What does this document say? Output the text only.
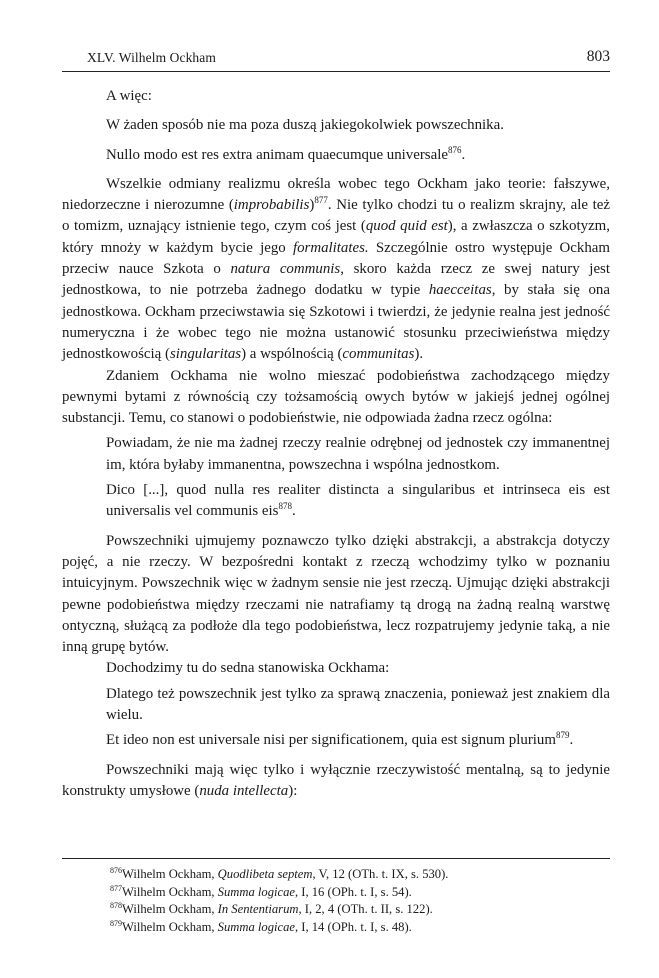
XLV. Wilhelm Ockham	803

A więc:

W żaden sposób nie ma poza duszą jakiegokolwiek powszechnika.

Nullo modo est res extra animam quaecumque universale$^{876}$.

Wszelkie odmiany realizmu określa wobec tego Ockham jako teorie: fałszywe, niedorzeczne i nierozumne (improbabilis)$^{877}$. Nie tylko chodzi tu o realizm skrajny, ale też o tomizm, uznający istnienie tego, czym coś jest (quod quid est), a zwłaszcza o szkotyzm, który mnoży w każdym bycie jego formalitates. Szczególnie ostro występuje Ockham przeciw nauce Szkota o natura communis, skoro każda rzecz ze swej natury jest jednostkowa, to nie potrzeba żadnego dodatku w typie haecceitas, by stała się ona jednostkowa. Ockham przeciwstawia się Szkotowi i twierdzi, że jedynie realna jest jedność numeryczna i że wobec tego nie można ustanowić stosunku przeciwieństwa między jednostkowością (singularitas) a wspólnością (communitas).

Zdaniem Ockhama nie wolno mieszać podobieństwa zachodzącego między pewnymi bytami z równością czy tożsamością owych bytów w jakiejś jednej ogólnej substancji. Temu, co stanowi o podobieństwie, nie odpowiada żadna rzecz ogólna:

Powiadam, że nie ma żadnej rzeczy realnie odrębnej od jednostek czy immanentnej im, która byłaby immanentna, powszechna i wspólna jednostkom.

Dico [...], quod nulla res realiter distincta a singularibus et intrinseca eis est universalis vel communis eis$^{878}$.

Powszechniki ujmujemy poznawczo tylko dzięki abstrakcji, a abstrakcja dotyczy pojęć, a nie rzeczy. W bezpośredni kontakt z rzeczą wchodzimy tylko w poznaniu intuicyjnym. Powszechnik więc w żadnym sensie nie jest rzeczą. Ujmując dzięki abstrakcji pewne podobieństwa między rzeczami nie natrafiamy tą drogą na żadną realną warstwę ontyczną, służącą za podłoże dla tego podobieństwa, lecz rozpatrujemy jedynie taką, a nie inną grupę bytów.

Dochodzimy tu do sedna stanowiska Ockhama:

Dlatego też powszechnik jest tylko za sprawą znaczenia, ponieważ jest znakiem dla wielu.

Et ideo non est universale nisi per significationem, quia est signum plurium$^{879}$.

Powszechniki mają więc tylko i wyłącznie rzeczywistość mentalną, są to jedynie konstrukty umysłowe (nuda intellecta):

$^{876}$Wilhelm Ockham, Quodlibeta septem, V, 12 (OTh. t. IX, s. 530).
$^{877}$Wilhelm Ockham, Summa logicae, I, 16 (OPh. t. I, s. 54).
$^{878}$Wilhelm Ockham, In Sententiarum, I, 2, 4 (OTh. t. II, s. 122).
$^{879}$Wilhelm Ockham, Summa logicae, I, 14 (OPh. t. I, s. 48).
